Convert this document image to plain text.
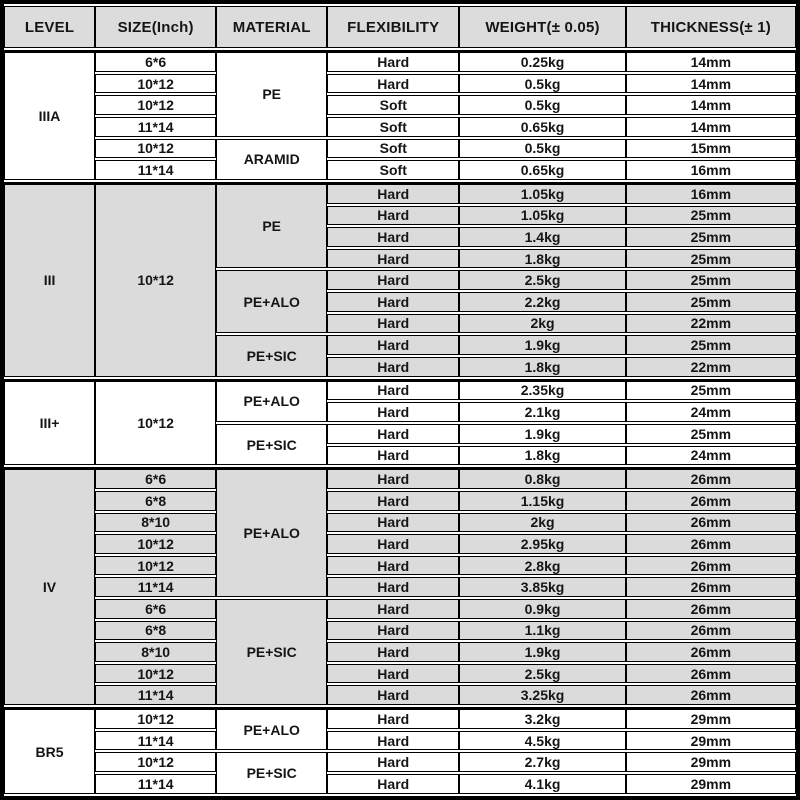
LEVEL	SIZE(Inch)	MATERIAL	FLEXIBILITY	WEIGHT(± 0.05)	THICKNESS(± 1)
IIIA	6*6	PE	Hard	0.25kg	14mm
	10*12		Hard	0.5kg	14mm
	10*12		Soft	0.5kg	14mm
	11*14		Soft	0.65kg	14mm
	10*12	ARAMID	Soft	0.5kg	15mm
	11*14		Soft	0.65kg	16mm
III	10*12	PE	Hard	1.05kg	16mm
			Hard	1.05kg	25mm
			Hard	1.4kg	25mm
			Hard	1.8kg	25mm
		PE+ALO	Hard	2.5kg	25mm
			Hard	2.2kg	25mm
			Hard	2kg	22mm
		PE+SIC	Hard	1.9kg	25mm
			Hard	1.8kg	22mm
III+	10*12	PE+ALO	Hard	2.35kg	25mm
			Hard	2.1kg	24mm
		PE+SIC	Hard	1.9kg	25mm
			Hard	1.8kg	24mm
IV	6*6	PE+ALO	Hard	0.8kg	26mm
	6*8		Hard	1.15kg	26mm
	8*10		Hard	2kg	26mm
	10*12		Hard	2.95kg	26mm
	10*12		Hard	2.8kg	26mm
	11*14		Hard	3.85kg	26mm
	6*6	PE+SIC	Hard	0.9kg	26mm
	6*8		Hard	1.1kg	26mm
	8*10		Hard	1.9kg	26mm
	10*12		Hard	2.5kg	26mm
	11*14		Hard	3.25kg	26mm
BR5	10*12	PE+ALO	Hard	3.2kg	29mm
	11*14		Hard	4.5kg	29mm
	10*12	PE+SIC	Hard	2.7kg	29mm
	11*14		Hard	4.1kg	29mm
